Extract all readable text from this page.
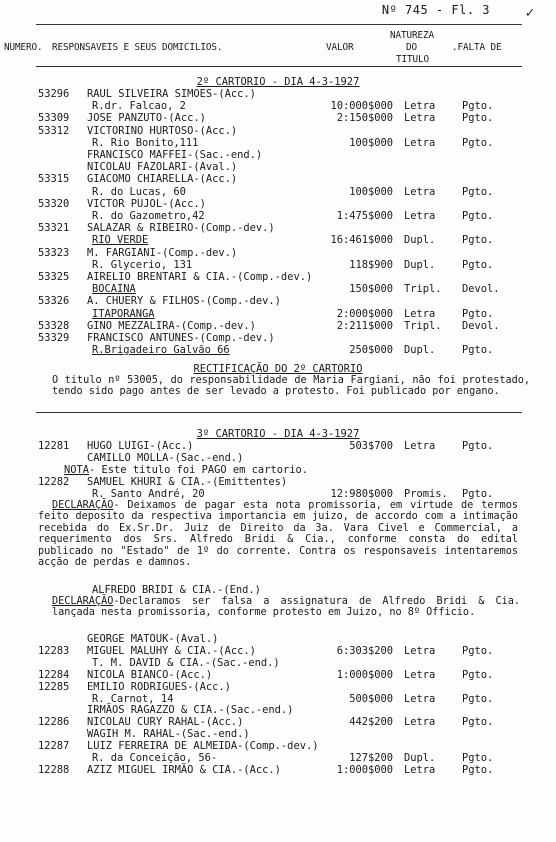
Nº 745 - Fl. 3	✓
NUMERO. RESPONSAVEIS E SEUS DOMICILIOS.	VALOR
NATUREZA
DO
TITULO
.FALTA DE
2º CARTORIO - DIA 4-3-1927
53296 RAUL SILVEIRA SIMOES-(Acc.)
R.dr. Falcao, 2	10:000$000 Letra	Pgto.
53309 JOSE PANZUTO-(Acc.)	2:150$000 Letra	Pgto.
53312 VICTORINO HURTOSO-(Acc.)
R. Rio Bonito,111	100$000 Letra	Pgto.
FRANCISCO MAFFEI-(Sac.-end.)
NICOLAU FAZOLARI-(Aval.)
53315 GIACOMO CHIARELLA-(Acc.)
R. do Lucas, 60	100$000 Letra	Pgto.
53320 VICTOR PUJOL-(Acc.)
R. do Gazometro,42	1:475$000 Letra	Pgto.
53321 SALAZAR & RIBEIRO-(Comp.-dev.)
RIO VERDE	16:461$000 Dupl.	Pgto.
53323 M. FARGIANI-(Comp.-dev.)
R. Glycerio, 131	118$900 Dupl.	Pgto.
53325 AIRELIO BRENTARI & CIA.-(Comp.-dev.)
BOCAINA	150$000 Tripl. Devol.
53326 A. CHUERY & FILHOS-(Comp.-dev.)
ITAPORANGA	2:000$000 Letra	Pgto.
53328 GINO MEZZALIRA-(Comp.-dev.)	2:211$000 Tripl. Devol.
53329 FRANCISCO ANTUNES-(Comp.-dev.)
R.Brigadeiro Galvão 66	250$000 Dupl.	Pgto.
RECTIFICAÇÃO DO 2º CARTORIO
O titulo nº 53005, do responsabilidade de Maria Fargiani, não foi protestado, tendo sido pago antes de ser levado a protesto. Foi publicado por engano.
3º CARTORIO - DIA 4-3-1927
12281 HUGO LUIGI-(Acc.)	503$700 Letra	Pgto.
CAMILLO MOLLA-(Sac.-end.)
NOTA- Este titulo foi PAGO em cartorio.
12282 SAMUEL KHURI & CIA.-(Emittentes)
R. Santo André, 20	12:980$000 Promis. Pgto.
DECLARAÇÃO- Deixamos de pagar esta nota promissoria, em virtude de termos feito deposito da respectiva importancia em juizo, de accordo com a intimação recebida do Ex.Sr.Dr. Juiz de Direito da 3a. Vara Civel e Commercial, a requerimento dos Srs. Alfredo Bridi & Cia., conforme consta do edital publicado no "Estado" de 1º do corrente. Contra os responsaveis intentaremos acção de perdas e damnos.
ALFREDO BRIDI & CIA.-(End.)
DECLARAÇÃO-Declaramos ser falsa a assignatura de Alfredo Bridi & Cia. lançada nesta promissoria, conforme protesto em Juizo, no 8º Officio.
GEORGE MATOUK-(Aval.)
12283 MIGUEL MALUHY & CIA.-(Acc.)	6:303$200 Letra	Pgto.
T. M. DAVID & CIA.-(Sac.-end.)
12284 NICOLA BIANCO-(Acc.)	1:000$000 Letra	Pgto.
12285 EMILIO RODRIGUES-(Acc.)
R. Carnot, 14	500$000 Letra	Pgto.
IRMÃOS RAGAZZO & CIA.-(Sac.-end.)
12286 NICOLAU CURY RAHAL-(Acc.)	442$200 Letra	Pgto.
WAGIH M. RAHAL-(Sac.-end.)
12287 LUIZ FERREIRA DE ALMEIDA-(Comp.-dev.)
R. da Conceição, 56-	127$200 Dupl.	Pgto.
12288 AZIZ MIGUEL IRMÃO & CIA.-(Acc.)	1:000$000 Letra	Pgto.
